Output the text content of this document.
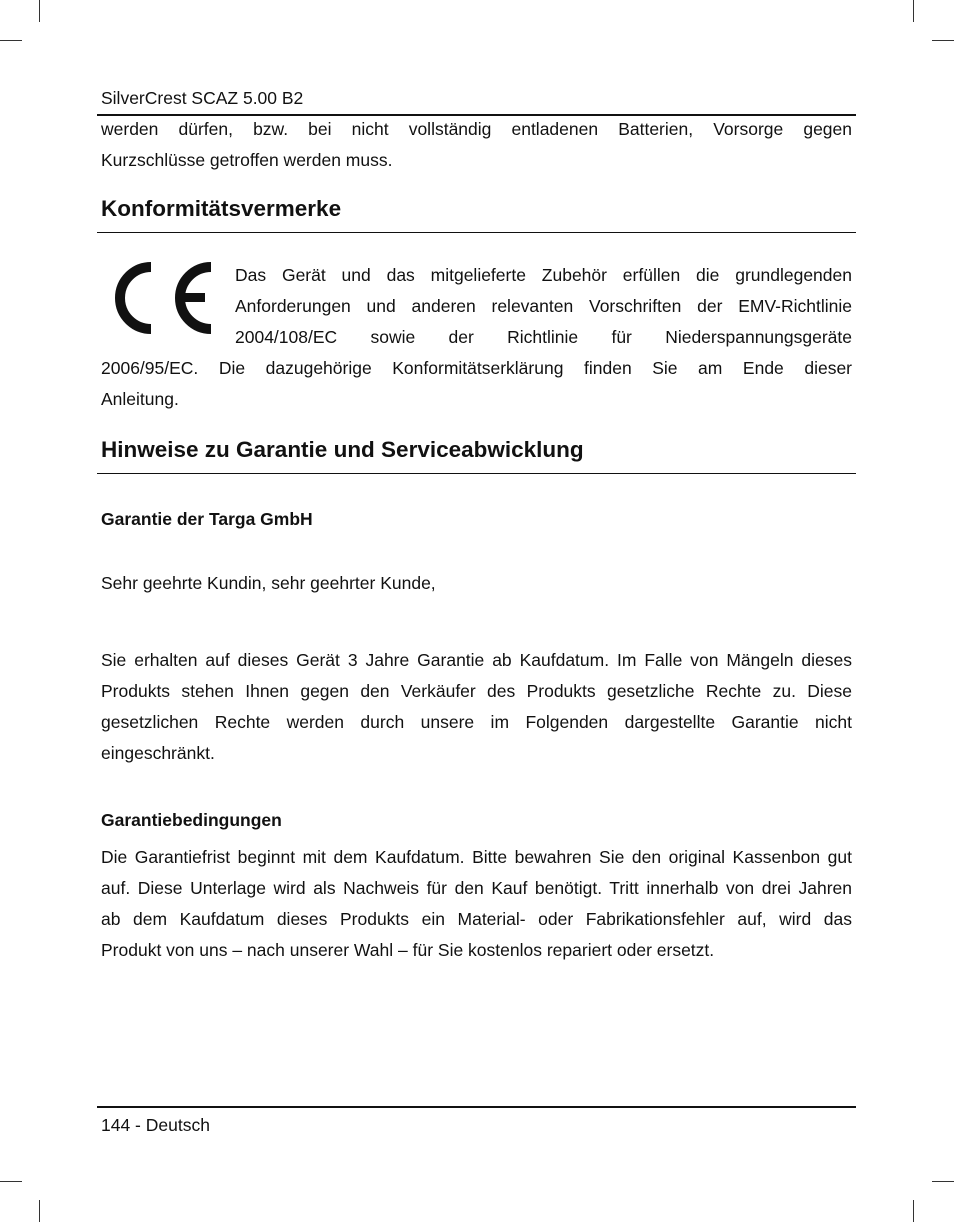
SilverCrest SCAZ 5.00 B2
werden dürfen, bzw. bei nicht vollständig entladenen Batterien, Vorsorge gegen
Kurzschlüsse getroffen werden muss.
Konformitätsvermerke
Das Gerät und das mitgelieferte Zubehör erfüllen die grundlegenden
Anforderungen und anderen relevanten Vorschriften der EMV-Richtlinie
2004/108/EC sowie der Richtlinie für Niederspannungsgeräte
2006/95/EC. Die dazugehörige Konformitätserklärung finden Sie am Ende dieser
Anleitung.
Hinweise zu Garantie und Serviceabwicklung
Garantie der Targa GmbH
Sehr geehrte Kundin, sehr geehrter Kunde,
Sie erhalten auf dieses Gerät 3 Jahre Garantie ab Kaufdatum. Im Falle von Mängeln dieses
Produkts stehen Ihnen gegen den Verkäufer des Produkts gesetzliche Rechte zu. Diese
gesetzlichen Rechte werden durch unsere im Folgenden dargestellte Garantie nicht
eingeschränkt.
Garantiebedingungen
Die Garantiefrist beginnt mit dem Kaufdatum. Bitte bewahren Sie den original Kassenbon gut
auf. Diese Unterlage wird als Nachweis für den Kauf benötigt. Tritt innerhalb von drei Jahren
ab dem Kaufdatum dieses Produkts ein Material- oder Fabrikationsfehler auf, wird das
Produkt von uns – nach unserer Wahl – für Sie kostenlos repariert oder ersetzt.
144 - Deutsch
